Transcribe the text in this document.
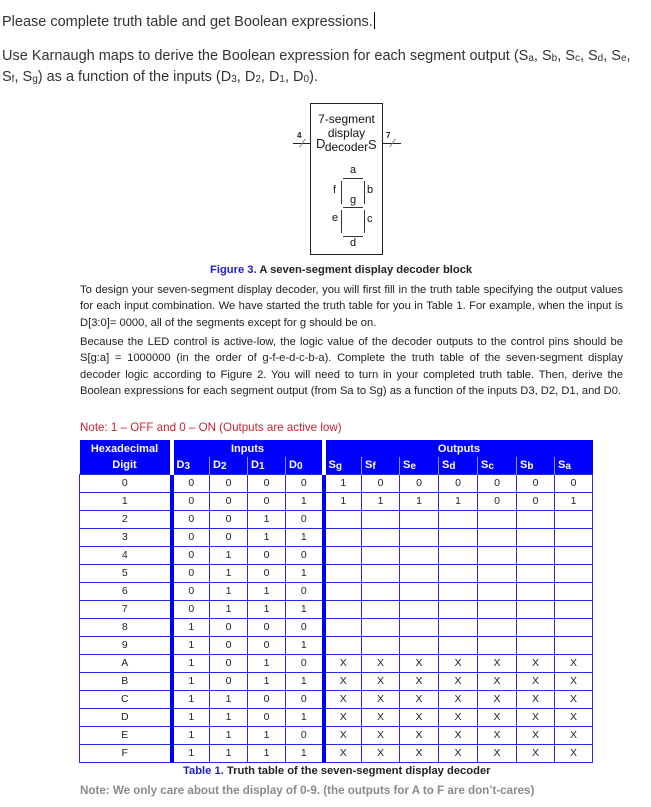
Please complete truth table and get Boolean expressions.
Use Karnaugh maps to derive the Boolean expression for each segment output ($S_a$, $S_b$, $S_c$, $S_d$, $S_e$, $S_f$, $S_g$) as a function of the inputs ($D_3$, $D_2$, $D_1$, $D_0$).
7-segment
display
decoder
D	S
4	7
a
f	b
g
e	c
d
Figure 3. A seven-segment display decoder block
To design your seven-segment display decoder, you will first fill in the truth table specifying the output values for each input combination. We have started the truth table for you in Table 1. For example, when the input is D[3:0]= 0000, all of the segments except for g should be on.
Because the LED control is active-low, the logic value of the decoder outputs to the control pins should be S[g:a] = 1000000 (in the order of g-f-e-d-c-b-a). Complete the truth table of the seven-segment display decoder logic according to Figure 2. You will need to turn in your completed truth table. Then, derive the Boolean expressions for each segment output (from Sa to Sg) as a function of the inputs D3, D2, D1, and D0.
Note: 1 – OFF and 0 – ON (Outputs are active low)
Hexadecimal	Inputs				Outputs						
Digit	$D_3$	$D_2$	$D_1$	$D_0$	$S_g$	$S_f$	$S_e$	$S_d$	$S_c$	$S_b$	$S_a$
0	0	0	0	0	1	0	0	0	0	0	0
1	0	0	0	1	1	1	1	1	0	0	1
2	0	0	1	0							
3	0	0	1	1							
4	0	1	0	0							
5	0	1	0	1							
6	0	1	1	0							
7	0	1	1	1							
8	1	0	0	0							
9	1	0	0	1							
A	1	0	1	0	X	X	X	X	X	X	X
B	1	0	1	1	X	X	X	X	X	X	X
C	1	1	0	0	X	X	X	X	X	X	X
D	1	1	0	1	X	X	X	X	X	X	X
E	1	1	1	0	X	X	X	X	X	X	X
F	1	1	1	1	X	X	X	X	X	X	X
Table 1. Truth table of the seven-segment display decoder
Note: We only care about the display of 0-9. (the outputs for A to F are don’t-cares)
